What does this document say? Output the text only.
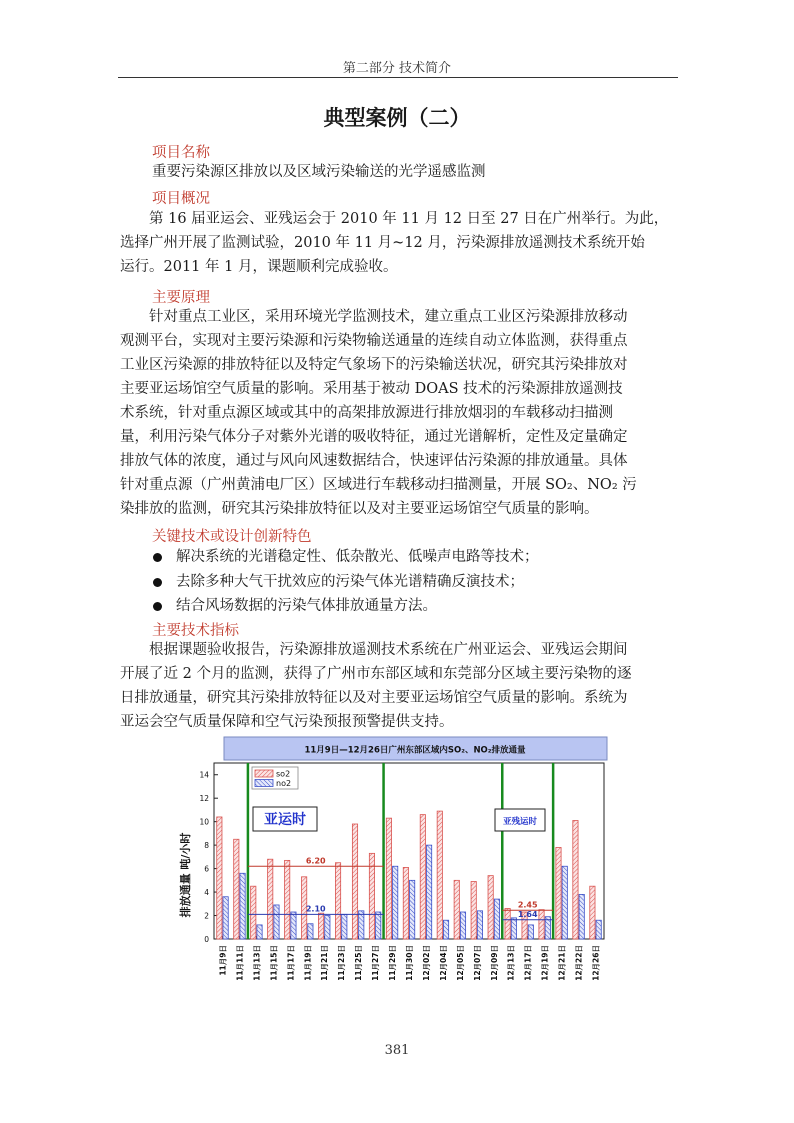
第二部分 技术简介
典型案例（二）
项目名称
重要污染源区排放以及区域污染输送的光学遥感监测
项目概况
第 16 届亚运会、亚残运会于 2010 年 11 月 12 日至 27 日在广州举行。为此，
选择广州开展了监测试验，2010 年 11 月~12 月，污染源排放遥测技术系统开始
运行。2011 年 1 月，课题顺利完成验收。
主要原理
针对重点工业区，采用环境光学监测技术，建立重点工业区污染源排放移动
观测平台，实现对主要污染源和污染物输送通量的连续自动立体监测，获得重点
工业区污染源的排放特征以及特定气象场下的污染输送状况，研究其污染排放对
主要亚运场馆空气质量的影响。采用基于被动 DOAS 技术的污染源排放遥测技
术系统，针对重点源区域或其中的高架排放源进行排放烟羽的车载移动扫描测
量，利用污染气体分子对紫外光谱的吸收特征，通过光谱解析，定性及定量确定
排放气体的浓度，通过与风向风速数据结合，快速评估污染源的排放通量。具体
针对重点源（广州黄浦电厂区）区域进行车载移动扫描测量，开展 SO₂、NO₂ 污
染排放的监测，研究其污染排放特征以及对主要亚运场馆空气质量的影响。
关键技术或设计创新特色
解决系统的光谱稳定性、低杂散光、低噪声电路等技术；
去除多种大气干扰效应的污染气体光谱精确反演技术；
结合风场数据的污染气体排放通量方法。
主要技术指标
根据课题验收报告，污染源排放遥测技术系统在广州亚运会、亚残运会期间
开展了近 2 个月的监测，获得了广州市东部区域和东莞部分区域主要污染物的逐
日排放通量，研究其污染排放特征以及对主要亚运场馆空气质量的影响。系统为
亚运会空气质量保障和空气污染预报预警提供支持。
11月9日—12月26日广州东部区域内SO₂、NO₂排放通量
排放通量 吨/小时
0
2
4
6
8
10
12
14
11月9日 11月11日 11月13日 11月15日 11月17日 11月19日 11月21日 11月23日 11月25日 11月27日 11月29日 11月30日 12月02日 12月04日 12月05日 12月07日 12月09日 12月13日 12月17日 12月19日 12月21日 12月22日 12月26日
6.20
2.10	2.45
1.64
亚运时	亚残运时
so2
no2
381
